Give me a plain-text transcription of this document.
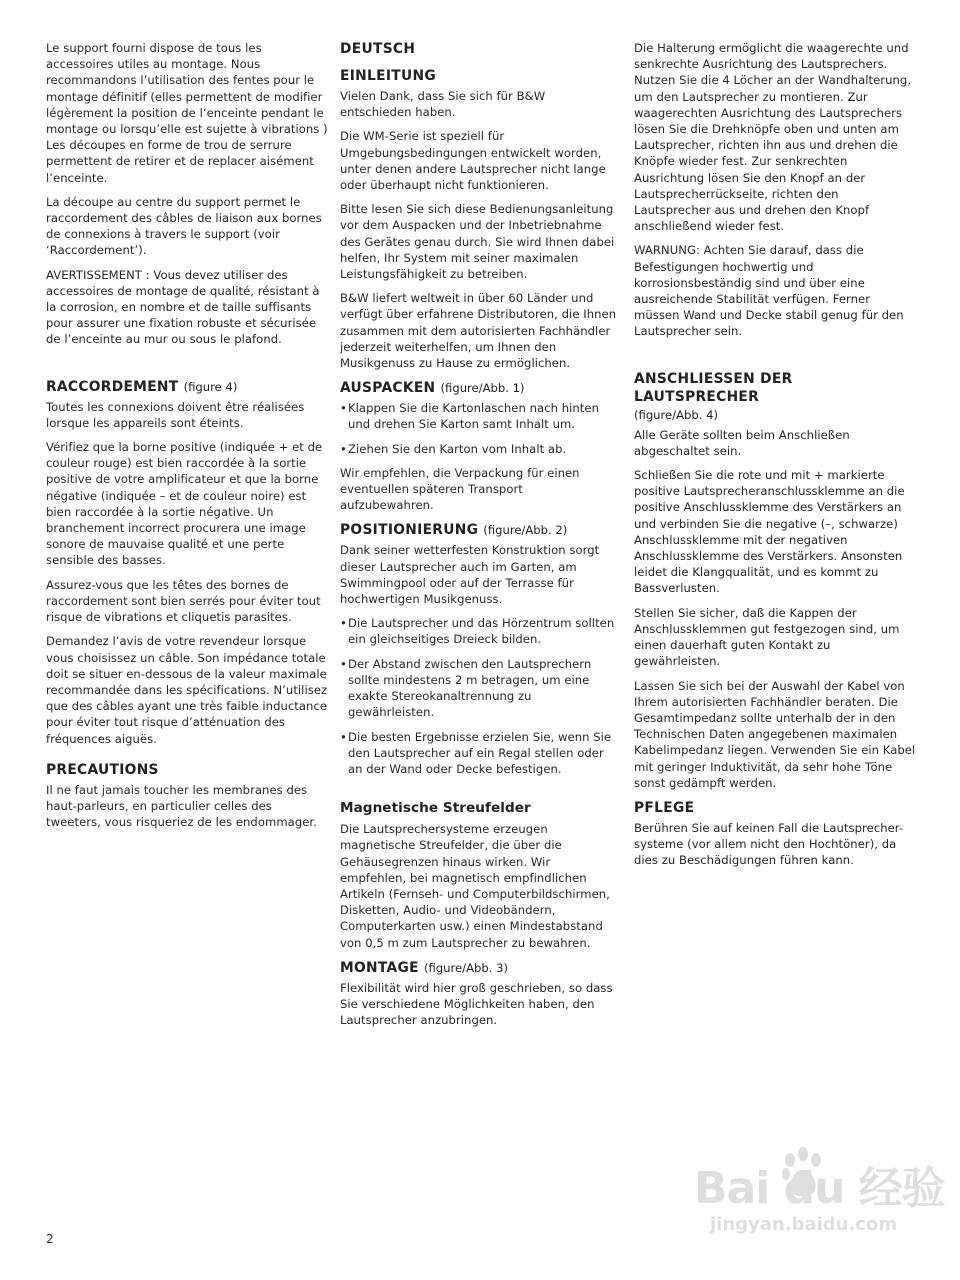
Le support fourni dispose de tous les accessoires utiles au montage. Nous recommandons l’utilisation des fentes pour le montage définitif (elles permettent de modifier légèrement la position de l’enceinte pendant le montage ou lorsqu’elle est sujette à vibrations ) Les découpes en forme de trou de serrure permettent de retirer et de replacer aisément l’enceinte.

La découpe au centre du support permet le raccordement des câbles de liaison aux bornes de connexions à travers le support (voir ‘Raccordement’).

AVERTISSEMENT : Vous devez utiliser des accessoires de montage de qualité, résistant à la corrosion, en nombre et de taille suffisants pour assurer une fixation robuste et sécurisée de l’enceinte au mur ou sous le plafond.

RACCORDEMENT (figure 4)

Toutes les connexions doivent être réalisées lorsque les appareils sont éteints.

Vérifiez que la borne positive (indiquée + et de couleur rouge) est bien raccordée à la sortie positive de votre amplificateur et que la borne négative (indiquée – et de couleur noire) est bien raccordée à la sortie négative. Un branchement incorrect procurera une image sonore de mauvaise qualité et une perte sensible des basses.

Assurez-vous que les têtes des bornes de raccordement sont bien serrés pour éviter tout risque de vibrations et cliquetis parasites.

Demandez l’avis de votre revendeur lorsque vous choisissez un câble. Son impédance totale doit se situer en-dessous de la valeur maximale recommandée dans les spécifications. N’utilisez que des câbles ayant une très faible inductance pour éviter tout risque d’atténuation des fréquences aiguës.

PRECAUTIONS

Il ne faut jamais toucher les membranes des haut-parleurs, en particulier celles des tweeters, vous risqueriez de les endommager.

DEUTSCH
EINLEITUNG

Vielen Dank, dass Sie sich für B&W entschieden haben.

Die WM-Serie ist speziell für Umgebungsbedingungen entwickelt worden, unter denen andere Lautsprecher nicht lange oder überhaupt nicht funktionieren.

Bitte lesen Sie sich diese Bedienungsanleitung vor dem Auspacken und der Inbetriebnahme des Gerätes genau durch. Sie wird Ihnen dabei helfen, Ihr System mit seiner maximalen Leistungsfähigkeit zu betreiben.

B&W liefert weltweit in über 60 Länder und verfügt über erfahrene Distributoren, die Ihnen zusammen mit dem autorisierten Fachhändler jederzeit weiterhelfen, um Ihnen den Musikgenuss zu Hause zu ermöglichen.

AUSPACKEN (figure/Abb. 1)
• Klappen Sie die Kartonlaschen nach hinten und drehen Sie Karton samt Inhalt um.
• Ziehen Sie den Karton vom Inhalt ab.

Wir empfehlen, die Verpackung für einen eventuellen späteren Transport aufzubewahren.

POSITIONIERUNG (figure/Abb. 2)

Dank seiner wetterfesten Konstruktion sorgt dieser Lautsprecher auch im Garten, am Swimmingpool oder auf der Terrasse für hochwertigen Musikgenuss.

• Die Lautsprecher und das Hörzentrum sollten ein gleichseitiges Dreieck bilden.
• Der Abstand zwischen den Lautsprechern sollte mindestens 2 m betragen, um eine exakte Stereokanaltrennung zu gewährleisten.
• Die besten Ergebnisse erzielen Sie, wenn Sie den Lautsprecher auf ein Regal stellen oder an der Wand oder Decke befestigen.
Magnetische Streufelder

Die Lautsprechersysteme erzeugen magnetische Streufelder, die über die Gehäusegrenzen hinaus wirken. Wir empfehlen, bei magnetisch empfindlichen Artikeln (Fernseh- und Computerbildschirmen, Disketten, Audio- und Videobändern, Computerkarten usw.) einen Mindestabstand von 0,5 m zum Lautsprecher zu bewahren.

MONTAGE (figure/Abb. 3)

Flexibilität wird hier groß geschrieben, so dass Sie verschiedene Möglichkeiten haben, den Lautsprecher anzubringen.

Die Halterung ermöglicht die waagerechte und senkrechte Ausrichtung des Lautsprechers. Nutzen Sie die 4 Löcher an der Wandhalterung, um den Lautsprecher zu montieren. Zur waagerechten Ausrichtung des Lautsprechers lösen Sie die Drehknöpfe oben und unten am Lautsprecher, richten ihn aus und drehen die Knöpfe wieder fest. Zur senkrechten Ausrichtung lösen Sie den Knopf an der Lautsprecherrückseite, richten den Lautsprecher aus und drehen den Knopf anschließend wieder fest.

WARNUNG: Achten Sie darauf, dass die Befestigungen hochwertig und korrosionsbeständig sind und über eine ausreichende Stabilität verfügen. Ferner müssen Wand und Decke stabil genug für den Lautsprecher sein.

ANSCHLIESSEN DER LAUTSPRECHER
(figure/Abb. 4)

Alle Geräte sollten beim Anschließen abgeschaltet sein.

Schließen Sie die rote und mit + markierte positive Lautsprecheranschlussklemme an die positive Anschlussklemme des Verstärkers an und verbinden Sie die negative (–, schwarze) Anschlussklemme mit der negativen Anschlussklemme des Verstärkers. Ansonsten leidet die Klangqualität, und es kommt zu Bassverlusten.

Stellen Sie sicher, daß die Kappen der Anschlussklemmen gut festgezogen sind, um einen dauerhaft guten Kontakt zu gewährleisten.

Lassen Sie sich bei der Auswahl der Kabel von Ihrem autorisierten Fachhändler beraten. Die Gesamtimpedanz sollte unterhalb der in den Technischen Daten angegebenen maximalen Kabelimpedanz liegen. Verwenden Sie ein Kabel mit geringer Induktivität, da sehr hohe Töne sonst gedämpft werden.

PFLEGE

Berühren Sie auf keinen Fall die Lautsprecher-systeme (vor allem nicht den Hochtöner), da dies zu Beschädigungen führen kann.

2
Bai du 经验
jingyan.baidu.com
